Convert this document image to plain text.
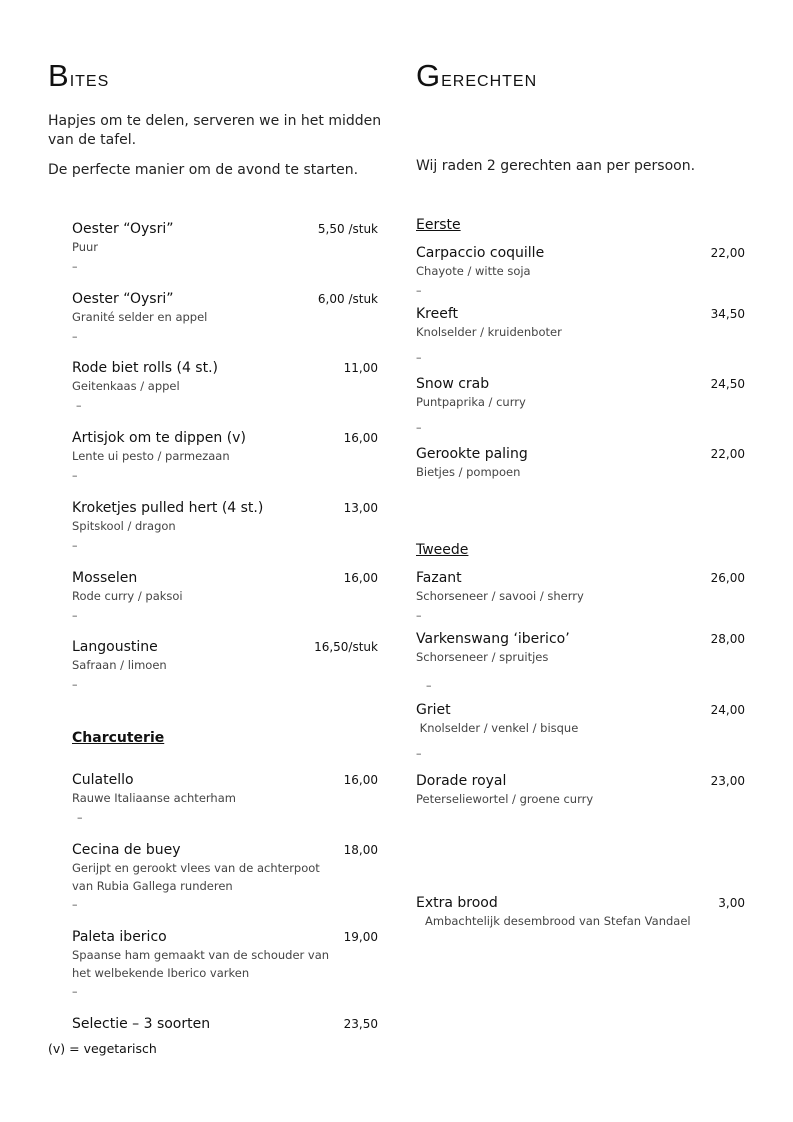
Bites

Hapjes om te delen, serveren we in het midden van de tafel.

De perfecte manier om de avond te starten.

Oester “Oysri”
Puur
–
5,50 /stuk
Oester “Oysri”
Granité selder en appel
–
6,00 /stuk
Rode biet rolls (4 st.)
Geitenkaas / appel
–
11,00
Artisjok om te dippen (v)
Lente ui pesto / parmezaan
–
16,00
Kroketjes pulled hert (4 st.)
Spitskool / dragon
–
13,00
Mosselen
Rode curry / paksoi
–
16,00
Langoustine
Safraan / limoen
–
16,50/stuk
Charcuterie
Culatello
Rauwe Italiaanse achterham
–
16,00
Cecina de buey
Gerijpt en gerookt vlees van de achterpoot van Rubia Gallega runderen
–
18,00
Paleta iberico
Spaanse ham gemaakt van de schouder van het welbekende Iberico varken
–
19,00
Selectie – 3 soorten	23,50
(v) = vegetarisch
Gerechten

Wij raden 2 gerechten aan per persoon.

Eerste
Carpaccio coquille
Chayote / witte soja
–
22,00
Kreeft
Knolselder / kruidenboter
–
34,50
Snow crab
Puntpaprika / curry
–
24,50
Gerookte paling
Bietjes / pompoen
22,00
Tweede
Fazant
Schorseneer / savooi / sherry
–
26,00
Varkenswang ‘iberico’
Schorseneer / spruitjes
–
28,00
Griet
Knolselder / venkel / bisque
–
24,00
Dorade royal
Peterseliewortel / groene curry
23,00
Extra brood
Ambachtelijk desembrood van Stefan Vandael
3,00
